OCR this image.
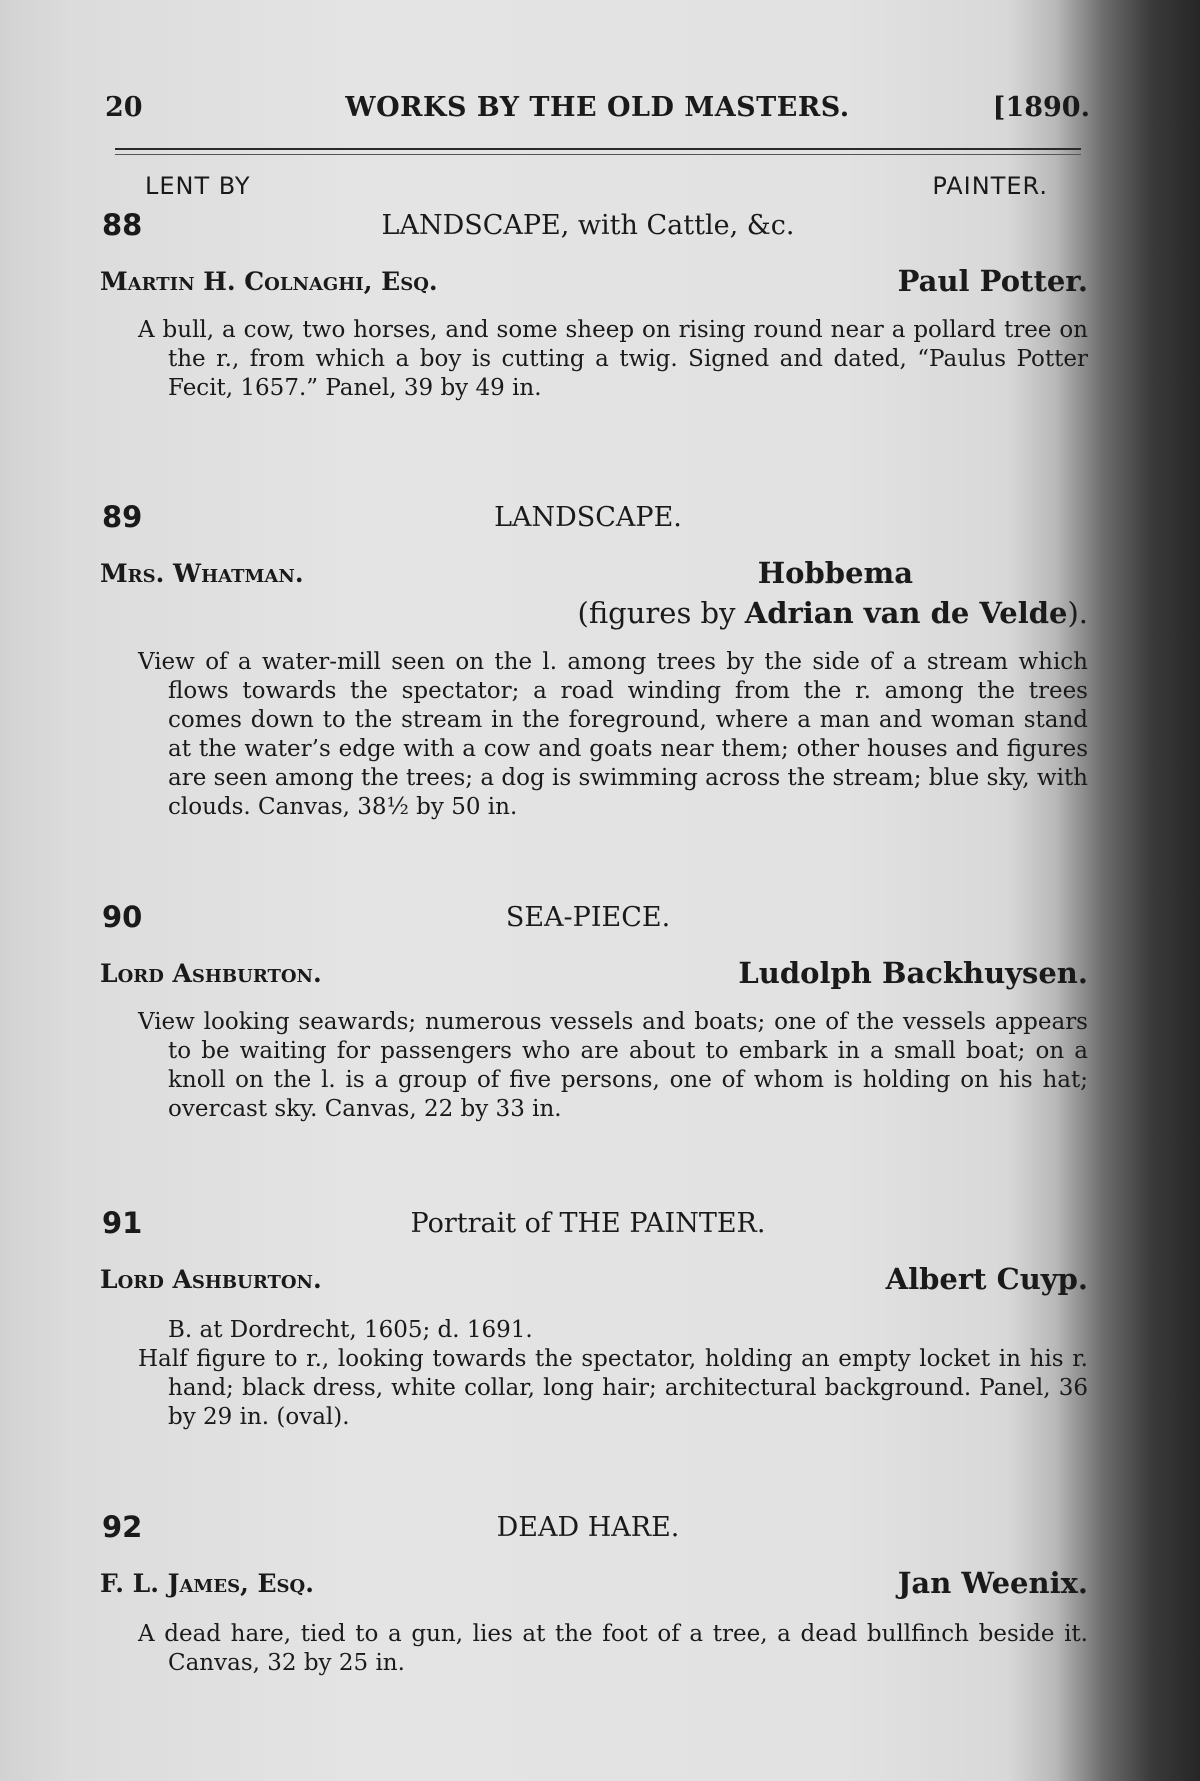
20	WORKS BY THE OLD MASTERS.	[1890.
LENT BY	PAINTER.
88	LANDSCAPE, with Cattle, &c.
Martin H. Colnaghi, Esq.	Paul Potter.

A bull, a cow, two horses, and some sheep on rising round near a pollard tree on the r., from which a boy is cutting a twig. Signed and dated, “Paulus Potter Fecit, 1657.” Panel, 39 by 49 in.

89	LANDSCAPE.
Mrs. Whatman.	Hobbema
(figures by Adrian van de Velde).

View of a water-mill seen on the l. among trees by the side of a stream which flows towards the spectator; a road winding from the r. among the trees comes down to the stream in the foreground, where a man and woman stand at the water’s edge with a cow and goats near them; other houses and figures are seen among the trees; a dog is swimming across the stream; blue sky, with clouds. Canvas, 38½ by 50 in.

90	SEA-PIECE.
Lord Ashburton.	Ludolph Backhuysen.

View looking seawards; numerous vessels and boats; one of the vessels appears to be waiting for passengers who are about to embark in a small boat; on a knoll on the l. is a group of five persons, one of whom is holding on his hat; overcast sky. Canvas, 22 by 33 in.

91	Portrait of THE PAINTER.
Lord Ashburton.	Albert Cuyp.

B. at Dordrecht, 1605; d. 1691.

Half figure to r., looking towards the spectator, holding an empty locket in his r. hand; black dress, white collar, long hair; architectural background. Panel, 36 by 29 in. (oval).

92	DEAD HARE.
F. L. James, Esq.	Jan Weenix.

A dead hare, tied to a gun, lies at the foot of a tree, a dead bullfinch beside it. Canvas, 32 by 25 in.
